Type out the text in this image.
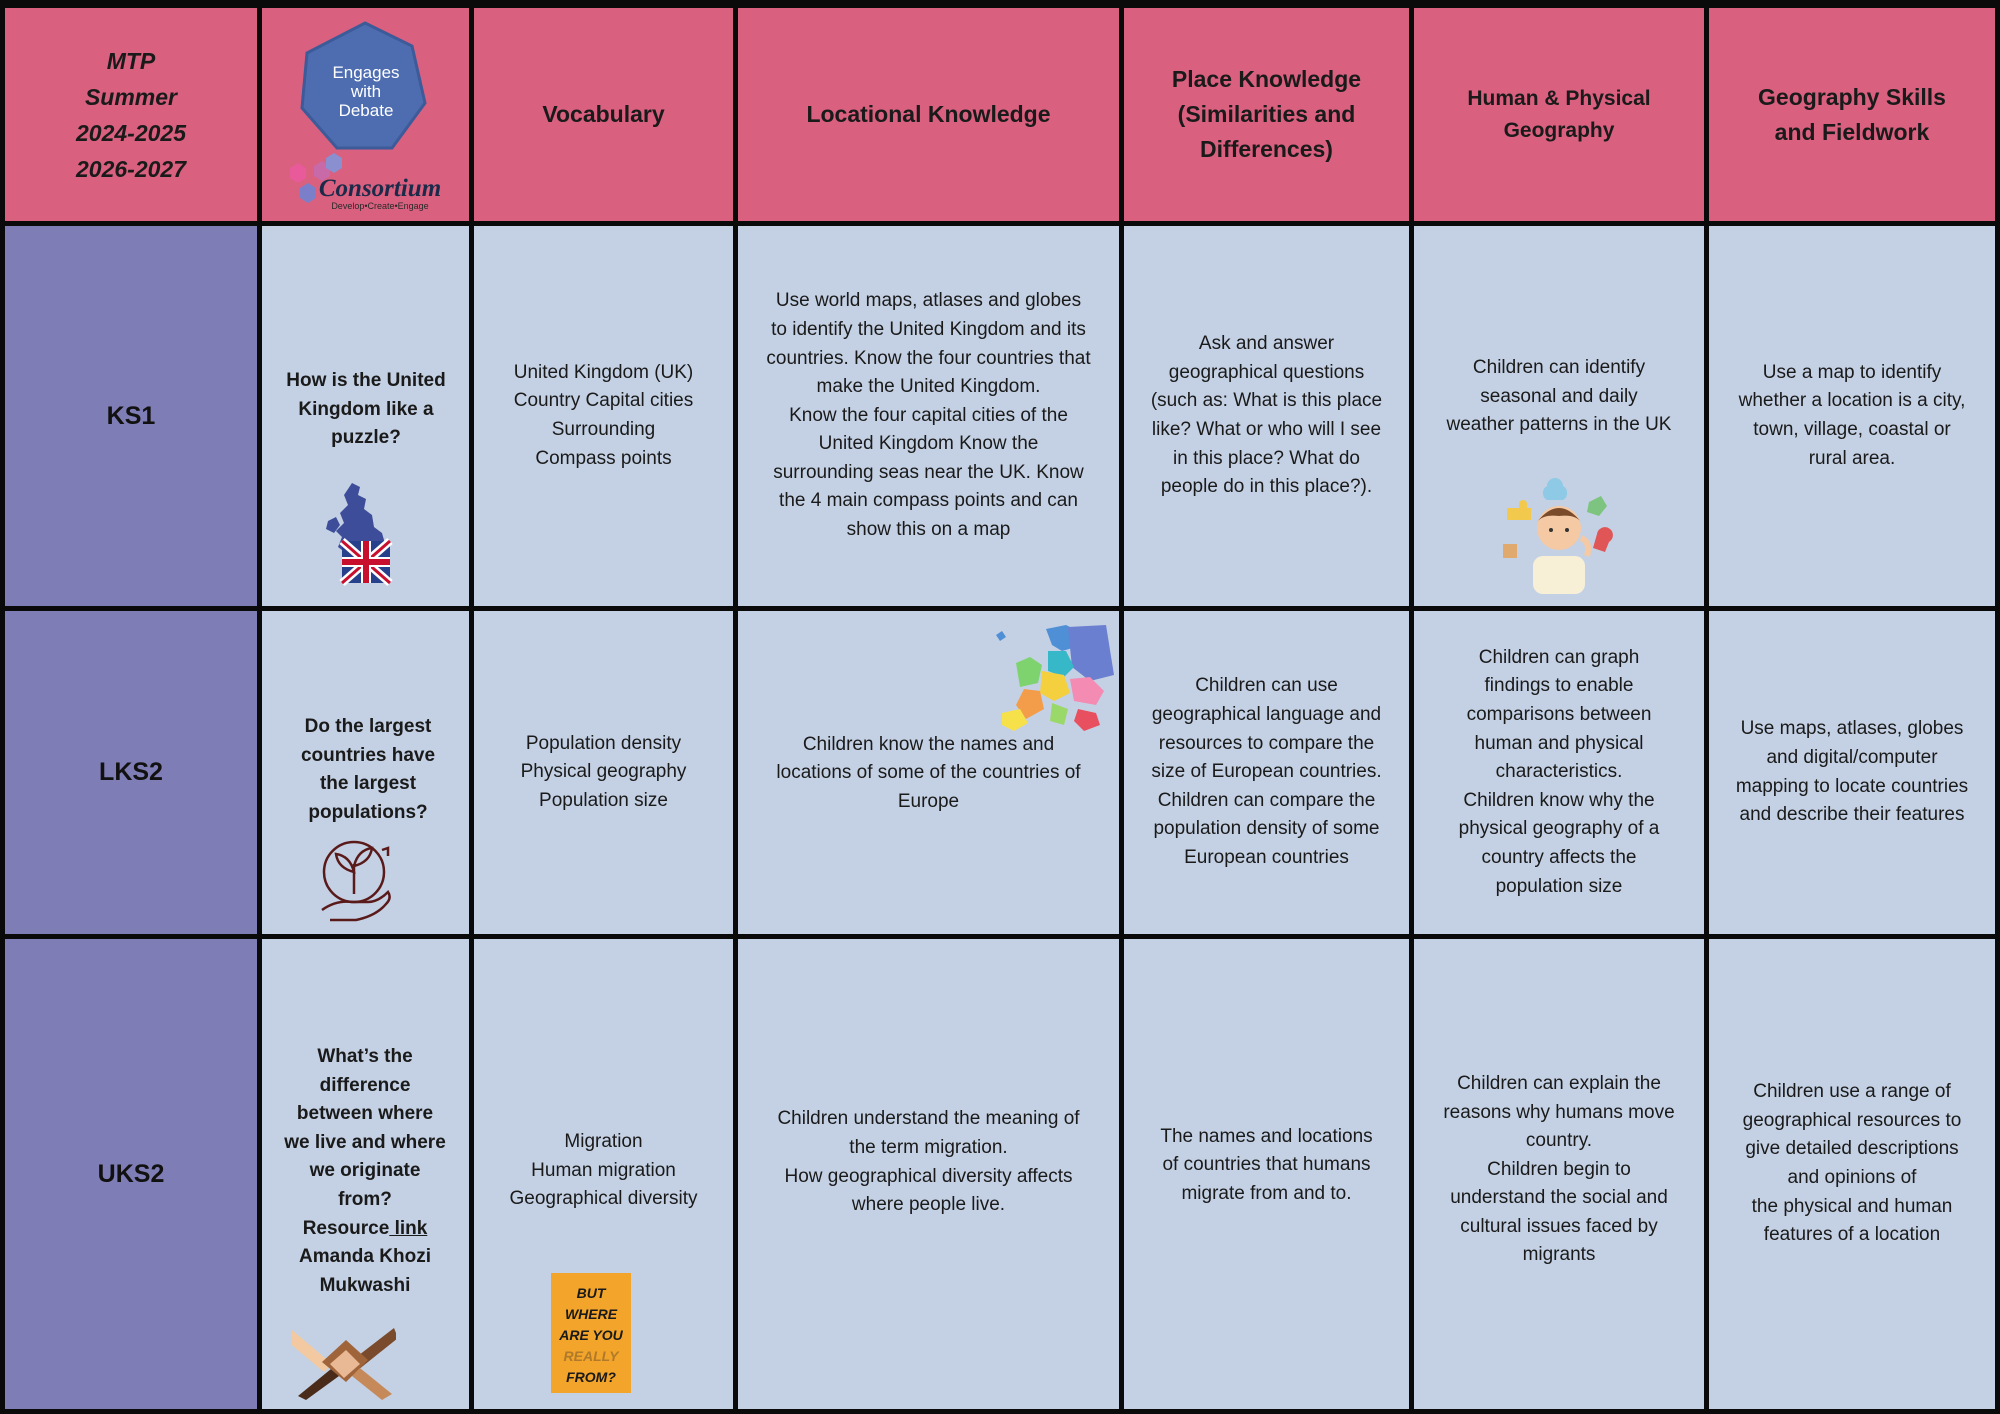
MTP
Summer
2024-2025
2026-2027
Engages
with
Debate
Consortium
Develop•Create•Engage
Vocabulary	Locational Knowledge
Place Knowledge (Similarities and Differences)
Human & Physical Geography
Geography Skills and Fieldwork
KS1
How is the United Kingdom like a puzzle?
United Kingdom (UK)
Country Capital cities
Surrounding
Compass points
Use world maps, atlases and globes to identify the United Kingdom and its countries. Know the four countries that make the United Kingdom.
Know the four capital cities of the United Kingdom Know the surrounding seas near the UK. Know the 4 main compass points and can show this on a map
Ask and answer geographical questions (such as: What is this place like? What or who will I see in this place? What do people do in this place?).
Children can identify seasonal and daily weather patterns in the UK
Use a map to identify whether a location is a city, town, village, coastal or rural area.
LKS2
Do the largest countries have the largest populations?
Population density
Physical geography
Population size
Children know the names and locations of some of the countries of Europe
Children can use geographical language and resources to compare the size of European countries.
Children can compare the population density of some European countries
Children can graph findings to enable comparisons between human and physical characteristics.
Children know why the physical geography of a country affects the population size
Use maps, atlases, globes and digital/computer mapping to locate countries and describe their features
UKS2
What’s the difference between where we live and where we originate from?
Resource link
Amanda Khozi Mukwashi
Migration
Human migration
Geographical diversity
BUT
WHERE
ARE YOU
REALLY
FROM?
Children understand the meaning of the term migration.
How geographical diversity affects where people live.
The names and locations of countries that humans migrate from and to.
Children can explain the reasons why humans move country.
Children begin to understand the social and cultural issues faced by migrants
Children use a range of geographical resources to give detailed descriptions and opinions of
the physical and human features of a location
